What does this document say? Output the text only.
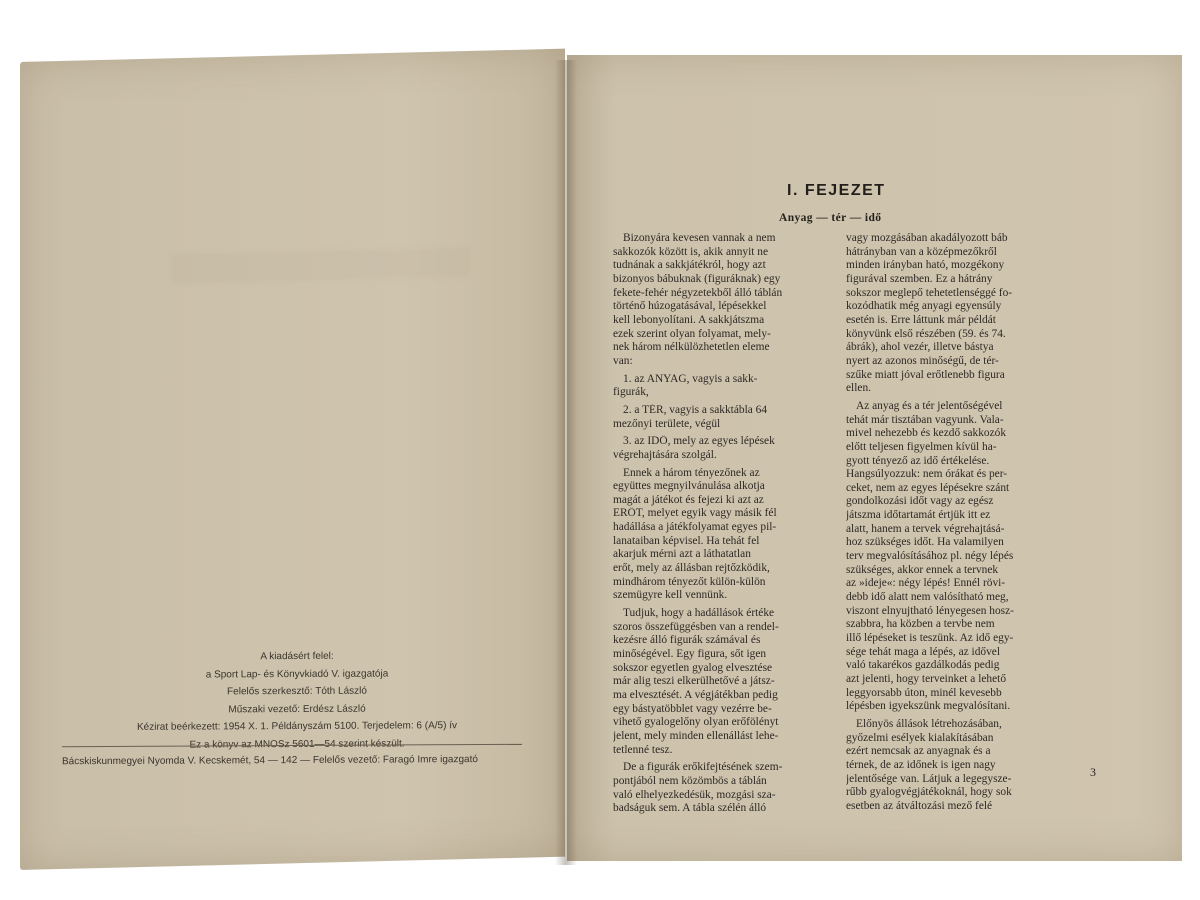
A kiadásért felel:
a Sport Lap- és Könyvkiadó V. igazgatója
Felelős szerkesztő: Tóth László
Műszaki vezető: Erdész László
Kézirat beérkezett: 1954 X. 1. Példányszám 5100. Terjedelem: 6 (A/5) ív
Ez a könyv az MNOSz 5601—54 szerint készült.
Bácskiskunmegyei Nyomda V. Kecskemét, 54 — 142 — Felelős vezető: Faragó Imre igazgató
I. FEJEZET
Anyag — tér — idő
Bizonyára kevesen vannak a nem
sakkozók között is, akik annyit ne
tudnának a sakkjátékról, hogy azt
bizonyos bábuknak (figuráknak) egy
fekete-fehér négyzetekből álló táblán
történő húzogatásával, lépésekkel
kell lebonyolítani. A sakkjátszma
ezek szerint olyan folyamat, mely-
nek három nélkülözhetetlen eleme
van:
1. az ANYAG, vagyis a sakk-
figurák,
2. a TÉR, vagyis a sakktábla 64
mezőnyi területe, végül
3. az IDŐ, mely az egyes lépések
végrehajtására szolgál.
Ennek a három tényezőnek az
együttes megnyilvánulása alkotja
magát a játékot és fejezi ki azt az
ERŐT, melyet egyik vagy másik fél
hadállása a játékfolyamat egyes pil-
lanataiban képvisel. Ha tehát fel
akarjuk mérni azt a láthatatlan
erőt, mely az állásban rejtőzködik,
mindhárom tényezőt külön-külön
szemügyre kell vennünk.
Tudjuk, hogy a hadállások értéke
szoros összefüggésben van a rendel-
kezésre álló figurák számával és
minőségével. Egy figura, sőt igen
sokszor egyetlen gyalog elvesztése
már alig teszi elkerülhetővé a játsz-
ma elvesztését. A végjátékban pedig
egy bástyatöbblet vagy vezérre be-
vihető gyalogelőny olyan erőfölényt
jelent, mely minden ellenállást lehe-
tetlenné tesz.
De a figurák erőkifejtésének szem-
pontjából nem közömbös a táblán
való elhelyezkedésük, mozgási sza-
badságuk sem. A tábla szélén álló
vagy mozgásában akadályozott báb
hátrányban van a középmezőkről
minden irányban ható, mozgékony
figurával szemben. Ez a hátrány
sokszor meglepő tehetetlenséggé fo-
kozódhatik még anyagi egyensúly
esetén is. Erre láttunk már példát
könyvünk első részében (59. és 74.
ábrák), ahol vezér, illetve bástya
nyert az azonos minőségű, de tér-
szűke miatt jóval erőtlenebb figura
ellen.
Az anyag és a tér jelentőségével
tehát már tisztában vagyunk. Vala-
mivel nehezebb és kezdő sakkozók
előtt teljesen figyelmen kívül ha-
gyott tényező az idő értékelése.
Hangsúlyozzuk: nem órákat és per-
ceket, nem az egyes lépésekre szánt
gondolkozási időt vagy az egész
játszma időtartamát értjük itt ez
alatt, hanem a tervek végrehajtásá-
hoz szükséges időt. Ha valamilyen
terv megvalósításához pl. négy lépés
szükséges, akkor ennek a tervnek
az »ideje«: négy lépés! Ennél rövi-
debb idő alatt nem valósítható meg,
viszont elnyujtható lényegesen hosz-
szabbra, ha közben a tervbe nem
illő lépéseket is teszünk. Az idő egy-
sége tehát maga a lépés, az idővel
való takarékos gazdálkodás pedig
azt jelenti, hogy terveinket a lehető
leggyorsabb úton, minél kevesebb
lépésben igyekszünk megvalósítani.
Előnyös állások létrehozásában,
győzelmi esélyek kialakításában
ezért nemcsak az anyagnak és a
térnek, de az időnek is igen nagy
jelentősége van. Látjuk a legegysze-
rűbb gyalogvégjátékoknál, hogy sok
esetben az átváltozási mező felé
3
